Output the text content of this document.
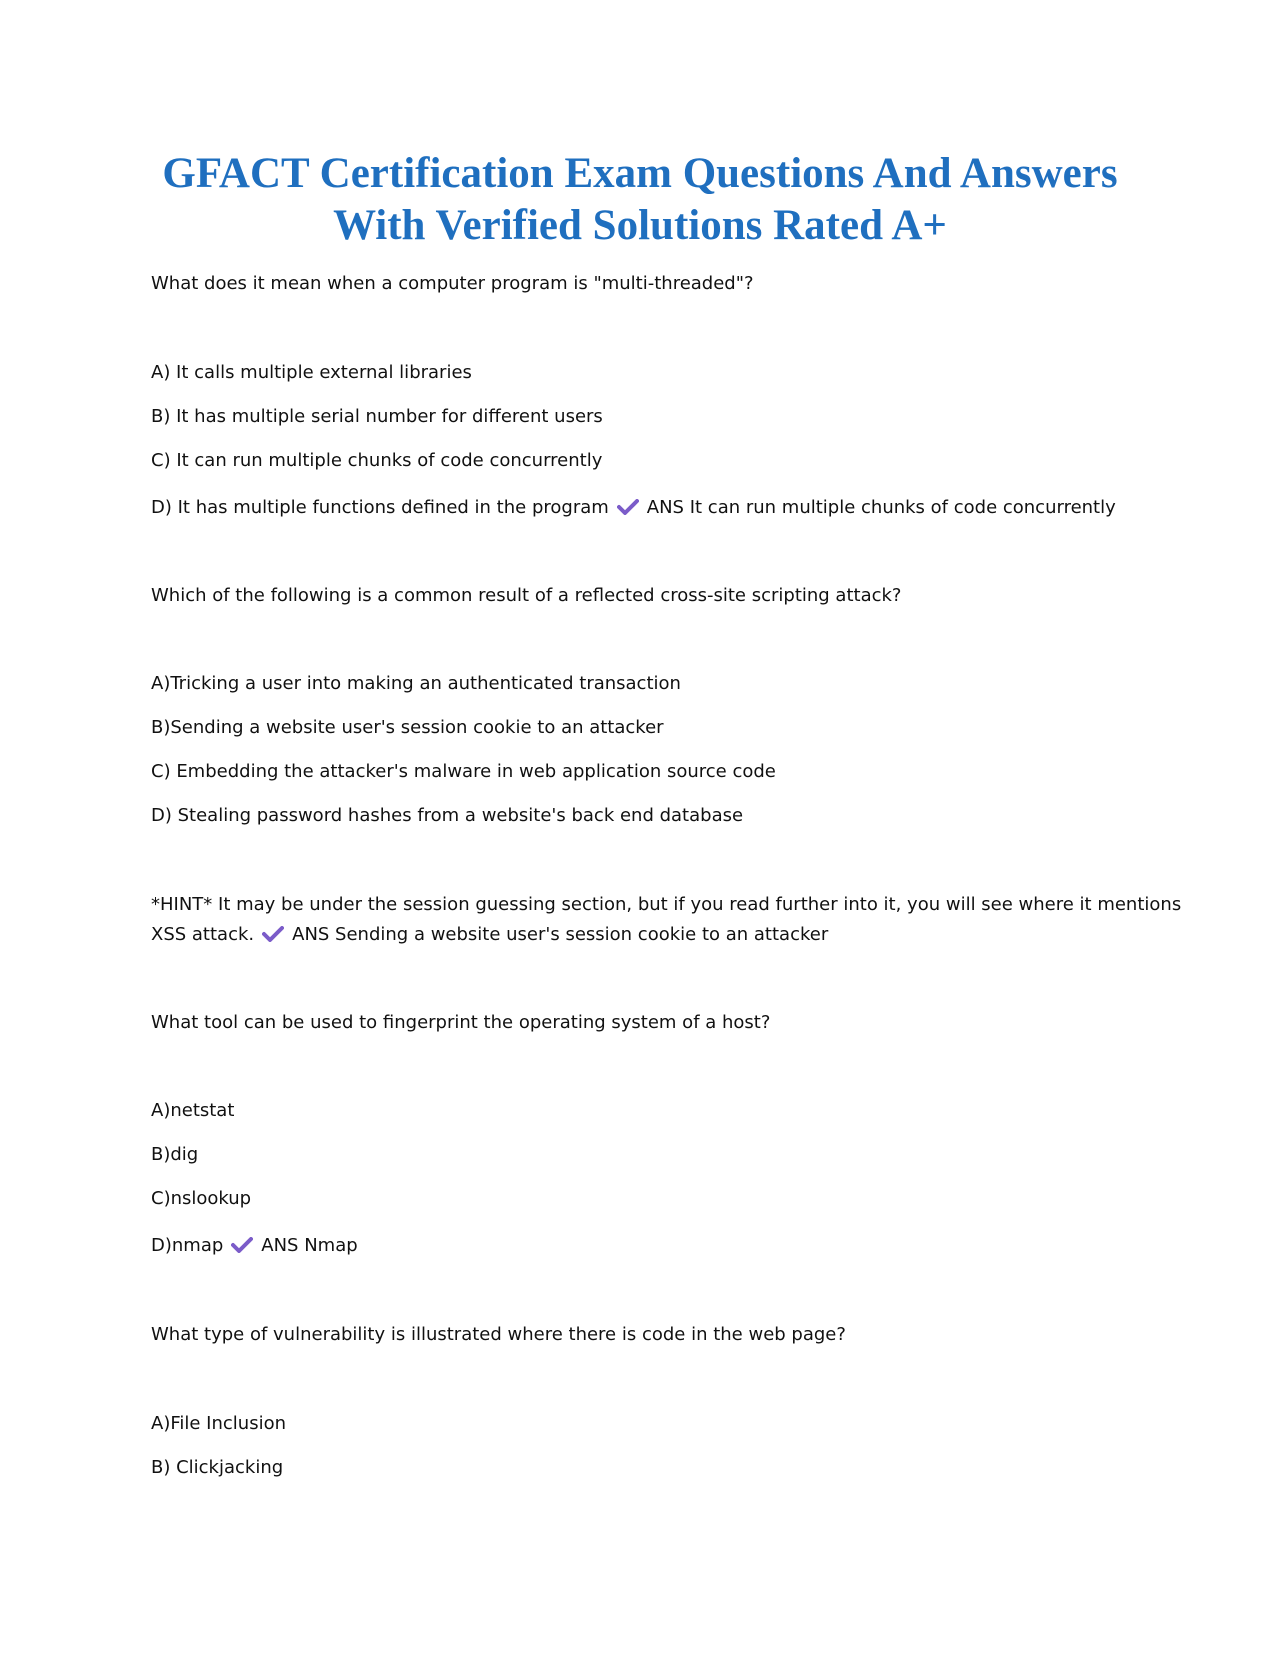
GFACT Certification Exam Questions And Answers
With Verified Solutions Rated A+
What does it mean when a computer program is "multi-threaded"?
A) It calls multiple external libraries
B) It has multiple serial number for different users
C) It can run multiple chunks of code concurrently
D) It has multiple functions defined in the program ANS It can run multiple chunks of code concurrently
Which of the following is a common result of a reflected cross-site scripting attack?
A)Tricking a user into making an authenticated transaction
B)Sending a website user's session cookie to an attacker
C) Embedding the attacker's malware in web application source code
D) Stealing password hashes from a website's back end database
*HINT* It may be under the session guessing section, but if you read further into it, you will see where it mentions
XSS attack. ANS Sending a website user's session cookie to an attacker
What tool can be used to fingerprint the operating system of a host?
A)netstat
B)dig
C)nslookup
D)nmap ANS Nmap
What type of vulnerability is illustrated where there is code in the web page?
A)File Inclusion
B) Clickjacking
